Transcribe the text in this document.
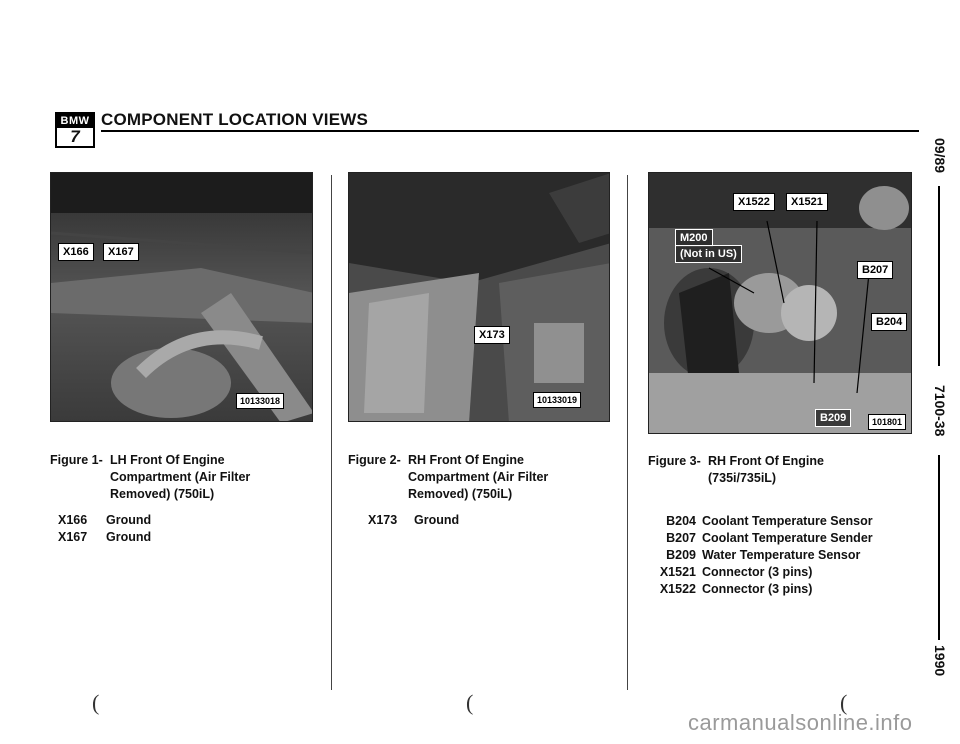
BMW
7
COMPONENT LOCATION VIEWS
09/89
7100-38
1990
X166	X167
10133018
X173
10133019
X1522	X1521
M200
(Not in US)
B207
B204
B209	101801
Figure 1- LH Front Of Engine
Compartment (Air Filter
Removed) (750iL)
X166 Ground
X167 Ground
Figure 2- RH Front Of Engine
Compartment (Air Filter
Removed) (750iL)
X173 Ground
Figure 3- RH Front Of Engine
(735i/735iL)
B204 Coolant Temperature Sensor
B207 Coolant Temperature Sender
B209 Water Temperature Sensor
X1521 Connector (3 pins)
X1522 Connector (3 pins)
(	(	(
carmanualsonline.info
